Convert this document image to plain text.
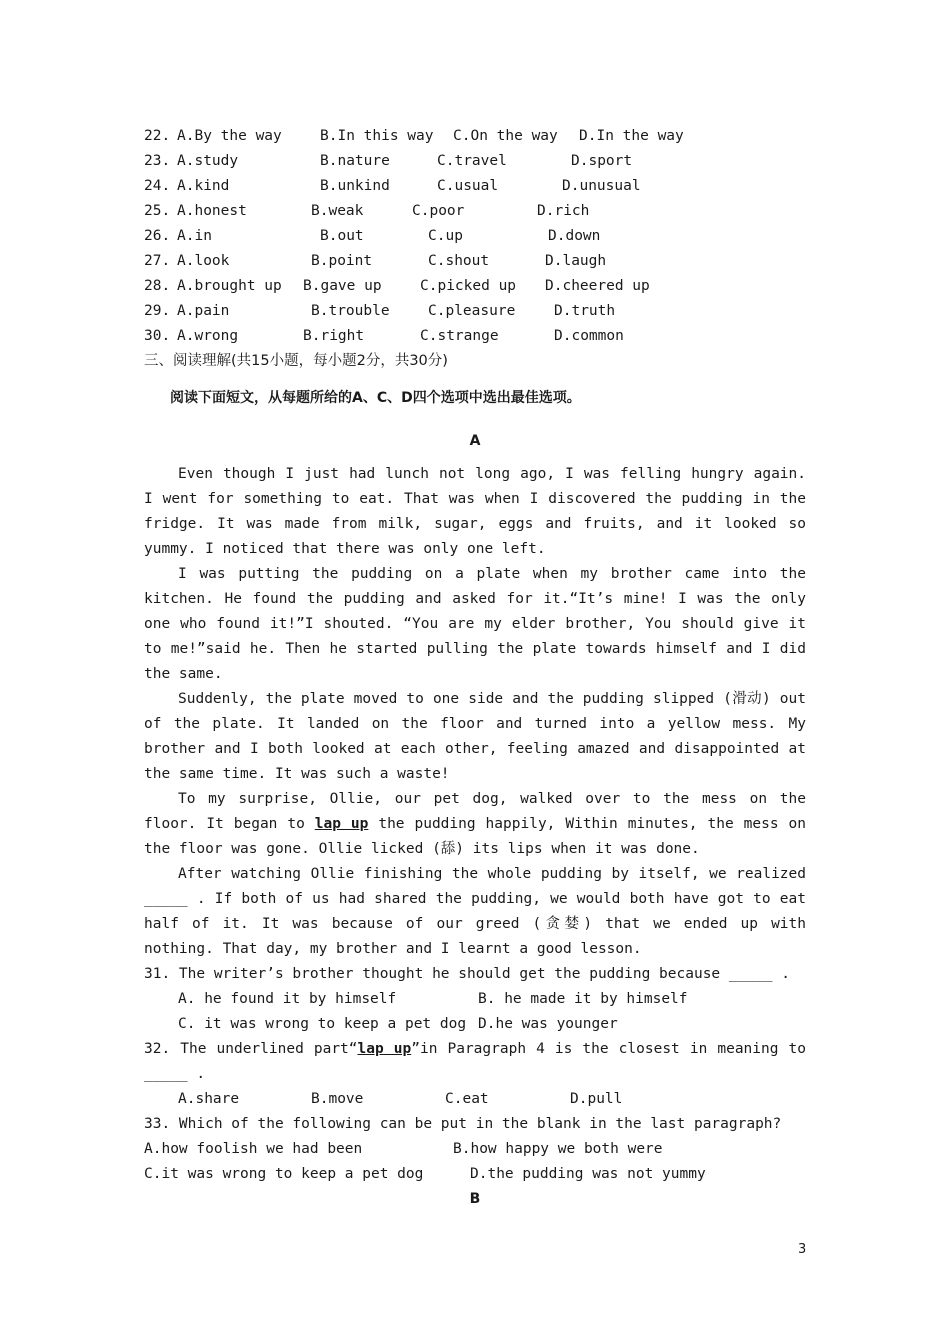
22. A.By the way	B.In this way C.On the way D.In the way
23. A.study	B.nature	C.travel	D.sport
24. A.kind	B.unkind	C.usual	D.unusual
25. A.honest	B.weak	C.poor	D.rich
26. A.in	B.out	C.up	D.down
27. A.look	B.point	C.shout	D.laugh
28. A.brought up B.gave up	C.picked up D.cheered up
29. A.pain	B.trouble	C.pleasure	D.truth
30. A.wrong	B.right	C.strange	D.common
三、阅读理解(共15小题，每小题2分，共30分)
阅读下面短文，从每题所给的A、C、D四个选项中选出最佳选项。
A

Even though I just had lunch not long ago, I was felling hungry again. I went for something to eat. That was when I discovered the pudding in the fridge. It was made from milk, sugar, eggs and fruits, and it looked so yummy. I noticed that there was only one left.

I was putting the pudding on a plate when my brother came into the kitchen. He found the pudding and asked for it.“It’s mine! I was the only one who found it!”I shouted. “You are my elder brother, You should give it to me!”said he. Then he started pulling the plate towards himself and I did the same.

Suddenly, the plate moved to one side and the pudding slipped (滑动) out of the plate. It landed on the floor and turned into a yellow mess. My brother and I both looked at each other, feeling amazed and disappointed at the same time. It was such a waste!

To my surprise, Ollie, our pet dog, walked over to the mess on the floor. It began to lap up the pudding happily, Within minutes, the mess on the floor was gone. Ollie licked (舔) its lips when it was done.

After watching Ollie finishing the whole pudding by itself, we realized _____ . If both of us had shared the pudding, we would both have got to eat half of it. It was because of our greed (贪婪) that we ended up with nothing. That day, my brother and I learnt a good lesson.

31. The writer’s brother thought he should get the pudding because _____ .
A. he found it by himself	B. he made it by himself
C. it was wrong to keep a pet dog D.he was younger

32. The underlined part“lap up”in Paragraph 4 is the closest in meaning to _____ .

A.share	B.move	C.eat	D.pull
33. Which of the following can be put in the blank in the last paragraph?
A.how foolish we had been	B.how happy we both were
C.it was wrong to keep a pet dog	D.the pudding was not yummy
B
3
